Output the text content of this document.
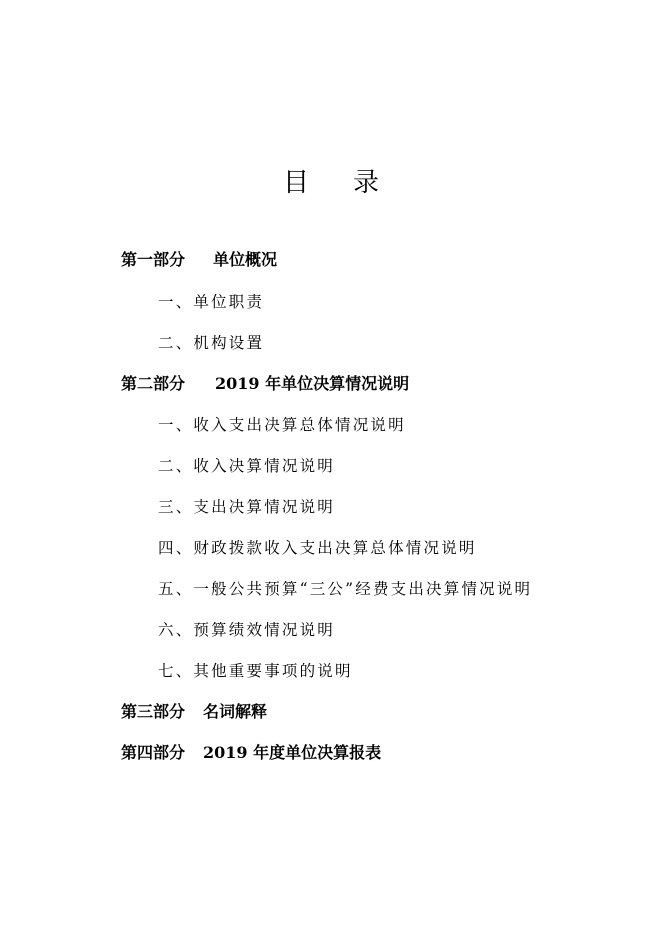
目 录
第一部分 单位概况
一、单位职责
二、机构设置
第二部分 2019 年单位决算情况说明
一、收入支出决算总体情况说明
二、收入决算情况说明
三、支出决算情况说明
四、财政拨款收入支出决算总体情况说明
五、一般公共预算“三公”经费支出决算情况说明
六、预算绩效情况说明
七、其他重要事项的说明
第三部分 名词解释
第四部分 2019 年度单位决算报表
